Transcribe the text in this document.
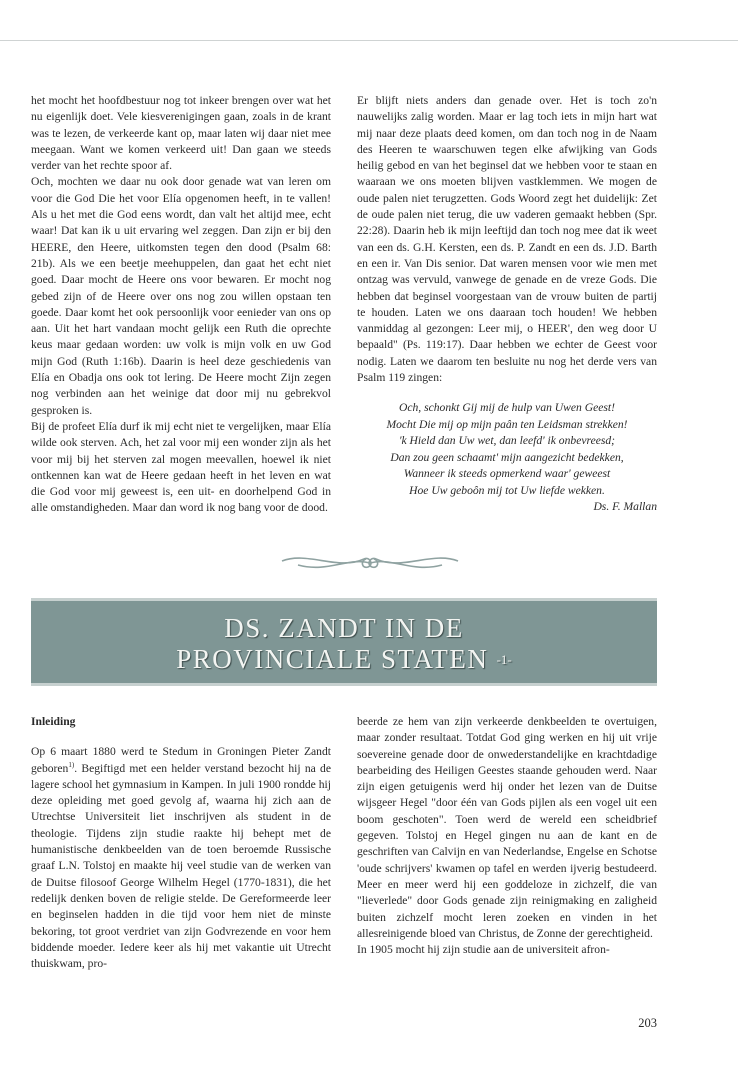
het mocht het hoofdbestuur nog tot inkeer brengen over wat het nu eigenlijk doet. Vele kiesverenigingen gaan, zoals in de krant was te lezen, de verkeerde kant op, maar laten wij daar niet mee meegaan. Want we komen verkeerd uit! Dan gaan we steeds verder van het rechte spoor af.

Och, mochten we daar nu ook door genade wat van leren om voor die God Die het voor Elía opgenomen heeft, in te vallen! Als u het met die God eens wordt, dan valt het altijd mee, echt waar! Dat kan ik u uit ervaring wel zeggen. Dan zijn er bij den HEERE, den Heere, uitkomsten tegen den dood (Psalm 68: 21b). Als we een beetje meehuppelen, dan gaat het echt niet goed. Daar mocht de Heere ons voor bewaren. Er mocht nog gebed zijn of de Heere over ons nog zou willen opstaan ten goede. Daar komt het ook persoonlijk voor eenieder van ons op aan. Uit het hart vandaan mocht gelijk een Ruth die oprechte keus maar gedaan worden: uw volk is mijn volk en uw God mijn God (Ruth 1:16b). Daarin is heel deze geschiedenis van Elía en Obadja ons ook tot lering. De Heere mocht Zijn zegen nog verbinden aan het weinige dat door mij nu gebrekvol gesproken is.

Bij de profeet Elía durf ik mij echt niet te vergelijken, maar Elía wilde ook sterven. Ach, het zal voor mij een wonder zijn als het voor mij bij het sterven zal mogen meevallen, hoewel ik niet ontkennen kan wat de Heere gedaan heeft in het leven en wat die God voor mij geweest is, een uit- en doorhelpend God in alle omstandigheden. Maar dan word ik nog bang voor de dood.

Er blijft niets anders dan genade over. Het is toch zo'n nauwelijks zalig worden. Maar er lag toch iets in mijn hart wat mij naar deze plaats deed komen, om dan toch nog in de Naam des Heeren te waarschuwen tegen elke afwijking van Gods heilig gebod en van het beginsel dat we hebben voor te staan en waaraan we ons moeten blijven vastklemmen. We mogen de oude palen niet terugzetten. Gods Woord zegt het duidelijk: Zet de oude palen niet terug, die uw vaderen gemaakt hebben (Spr. 22:28). Daarin heb ik mijn leeftijd dan toch nog mee dat ik weet van een ds. G.H. Kersten, een ds. P. Zandt en een ds. J.D. Barth en een ir. Van Dis senior. Dat waren mensen voor wie men met ontzag was vervuld, vanwege de genade en de vreze Gods. Die hebben dat beginsel voorgestaan van de vrouw buiten de partij te houden. Laten we ons daaraan toch houden! We hebben vanmiddag al gezongen: Leer mij, o HEER', den weg door U bepaald" (Ps. 119:17). Daar hebben we echter de Geest voor nodig. Laten we daarom ten besluite nu nog het derde vers van Psalm 119 zingen:

Och, schonkt Gij mij de hulp van Uwen Geest!
Mocht Die mij op mijn paân ten Leidsman strekken!
'k Hield dan Uw wet, dan leefd' ik onbevreesd;
Dan zou geen schaamt' mijn aangezicht bedekken,
Wanneer ik steeds opmerkend waar' geweest
Hoe Uw geboôn mij tot Uw liefde wekken.

Ds. F. Mallan

DS. ZANDT IN DE
PROVINCIALE STATEN $^{-1-}$

Inleiding

Op 6 maart 1880 werd te Stedum in Groningen Pieter Zandt geboren$^{1)}$. Begiftigd met een helder verstand bezocht hij na de lagere school het gymnasium in Kampen. In juli 1900 rondde hij deze opleiding met goed gevolg af, waarna hij zich aan de Utrechtse Universiteit liet inschrijven als student in de theologie. Tijdens zijn studie raakte hij behept met de humanistische denkbeelden van de toen beroemde Russische graaf L.N. Tolstoj en maakte hij veel studie van de werken van de Duitse filosoof George Wilhelm Hegel (1770-1831), die het redelijk denken boven de religie stelde. De Gereformeerde leer en beginselen hadden in die tijd voor hem niet de minste bekoring, tot groot verdriet van zijn Godvrezende en voor hem biddende moeder. Iedere keer als hij met vakantie uit Utrecht thuiskwam, pro-

beerde ze hem van zijn verkeerde denkbeelden te overtuigen, maar zonder resultaat. Totdat God ging werken en hij uit vrije soevereine genade door de onwederstandelijke en krachtdadige bearbeiding des Heiligen Geestes staande gehouden werd. Naar zijn eigen getuigenis werd hij onder het lezen van de Duitse wijsgeer Hegel "door één van Gods pijlen als een vogel uit een boom geschoten". Toen werd de wereld een scheidbrief gegeven. Tolstoj en Hegel gingen nu aan de kant en de geschriften van Calvijn en van Nederlandse, Engelse en Schotse 'oude schrijvers' kwamen op tafel en werden ijverig bestudeerd. Meer en meer werd hij een goddeloze in zichzelf, die van "lieverlede" door Gods genade zijn reinigmaking en zaligheid buiten zichzelf mocht leren zoeken en vinden in het allesreinigende bloed van Christus, de Zonne der gerechtigheid.

In 1905 mocht hij zijn studie aan de universiteit afron-

203
